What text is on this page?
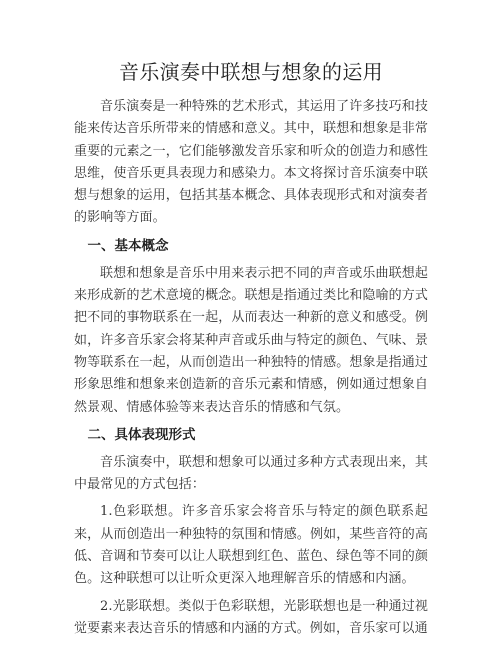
音乐演奏中联想与想象的运用

音乐演奏是一种特殊的艺术形式，其运用了许多技巧和技能来传达音乐所带来的情感和意义。其中，联想和想象是非常重要的元素之一，它们能够激发音乐家和听众的创造力和感性思维，使音乐更具表现力和感染力。本文将探讨音乐演奏中联想与想象的运用，包括其基本概念、具体表现形式和对演奏者的影响等方面。

一、基本概念

联想和想象是音乐中用来表示把不同的声音或乐曲联想起来形成新的艺术意境的概念。联想是指通过类比和隐喻的方式把不同的事物联系在一起，从而表达一种新的意义和感受。例如，许多音乐家会将某种声音或乐曲与特定的颜色、气味、景物等联系在一起，从而创造出一种独特的情感。想象是指通过形象思维和想象来创造新的音乐元素和情感，例如通过想象自然景观、情感体验等来表达音乐的情感和气氛。

二、具体表现形式

音乐演奏中，联想和想象可以通过多种方式表现出来，其中最常见的方式包括：

1.色彩联想。许多音乐家会将音乐与特定的颜色联系起来，从而创造出一种独特的氛围和情感。例如，某些音符的高低、音调和节奏可以让人联想到红色、蓝色、绿色等不同的颜色。这种联想可以让听众更深入地理解音乐的情感和内涵。

2.光影联想。类似于色彩联想，光影联想也是一种通过视觉要素来表达音乐的情感和内涵的方式。例如，音乐家可以通
